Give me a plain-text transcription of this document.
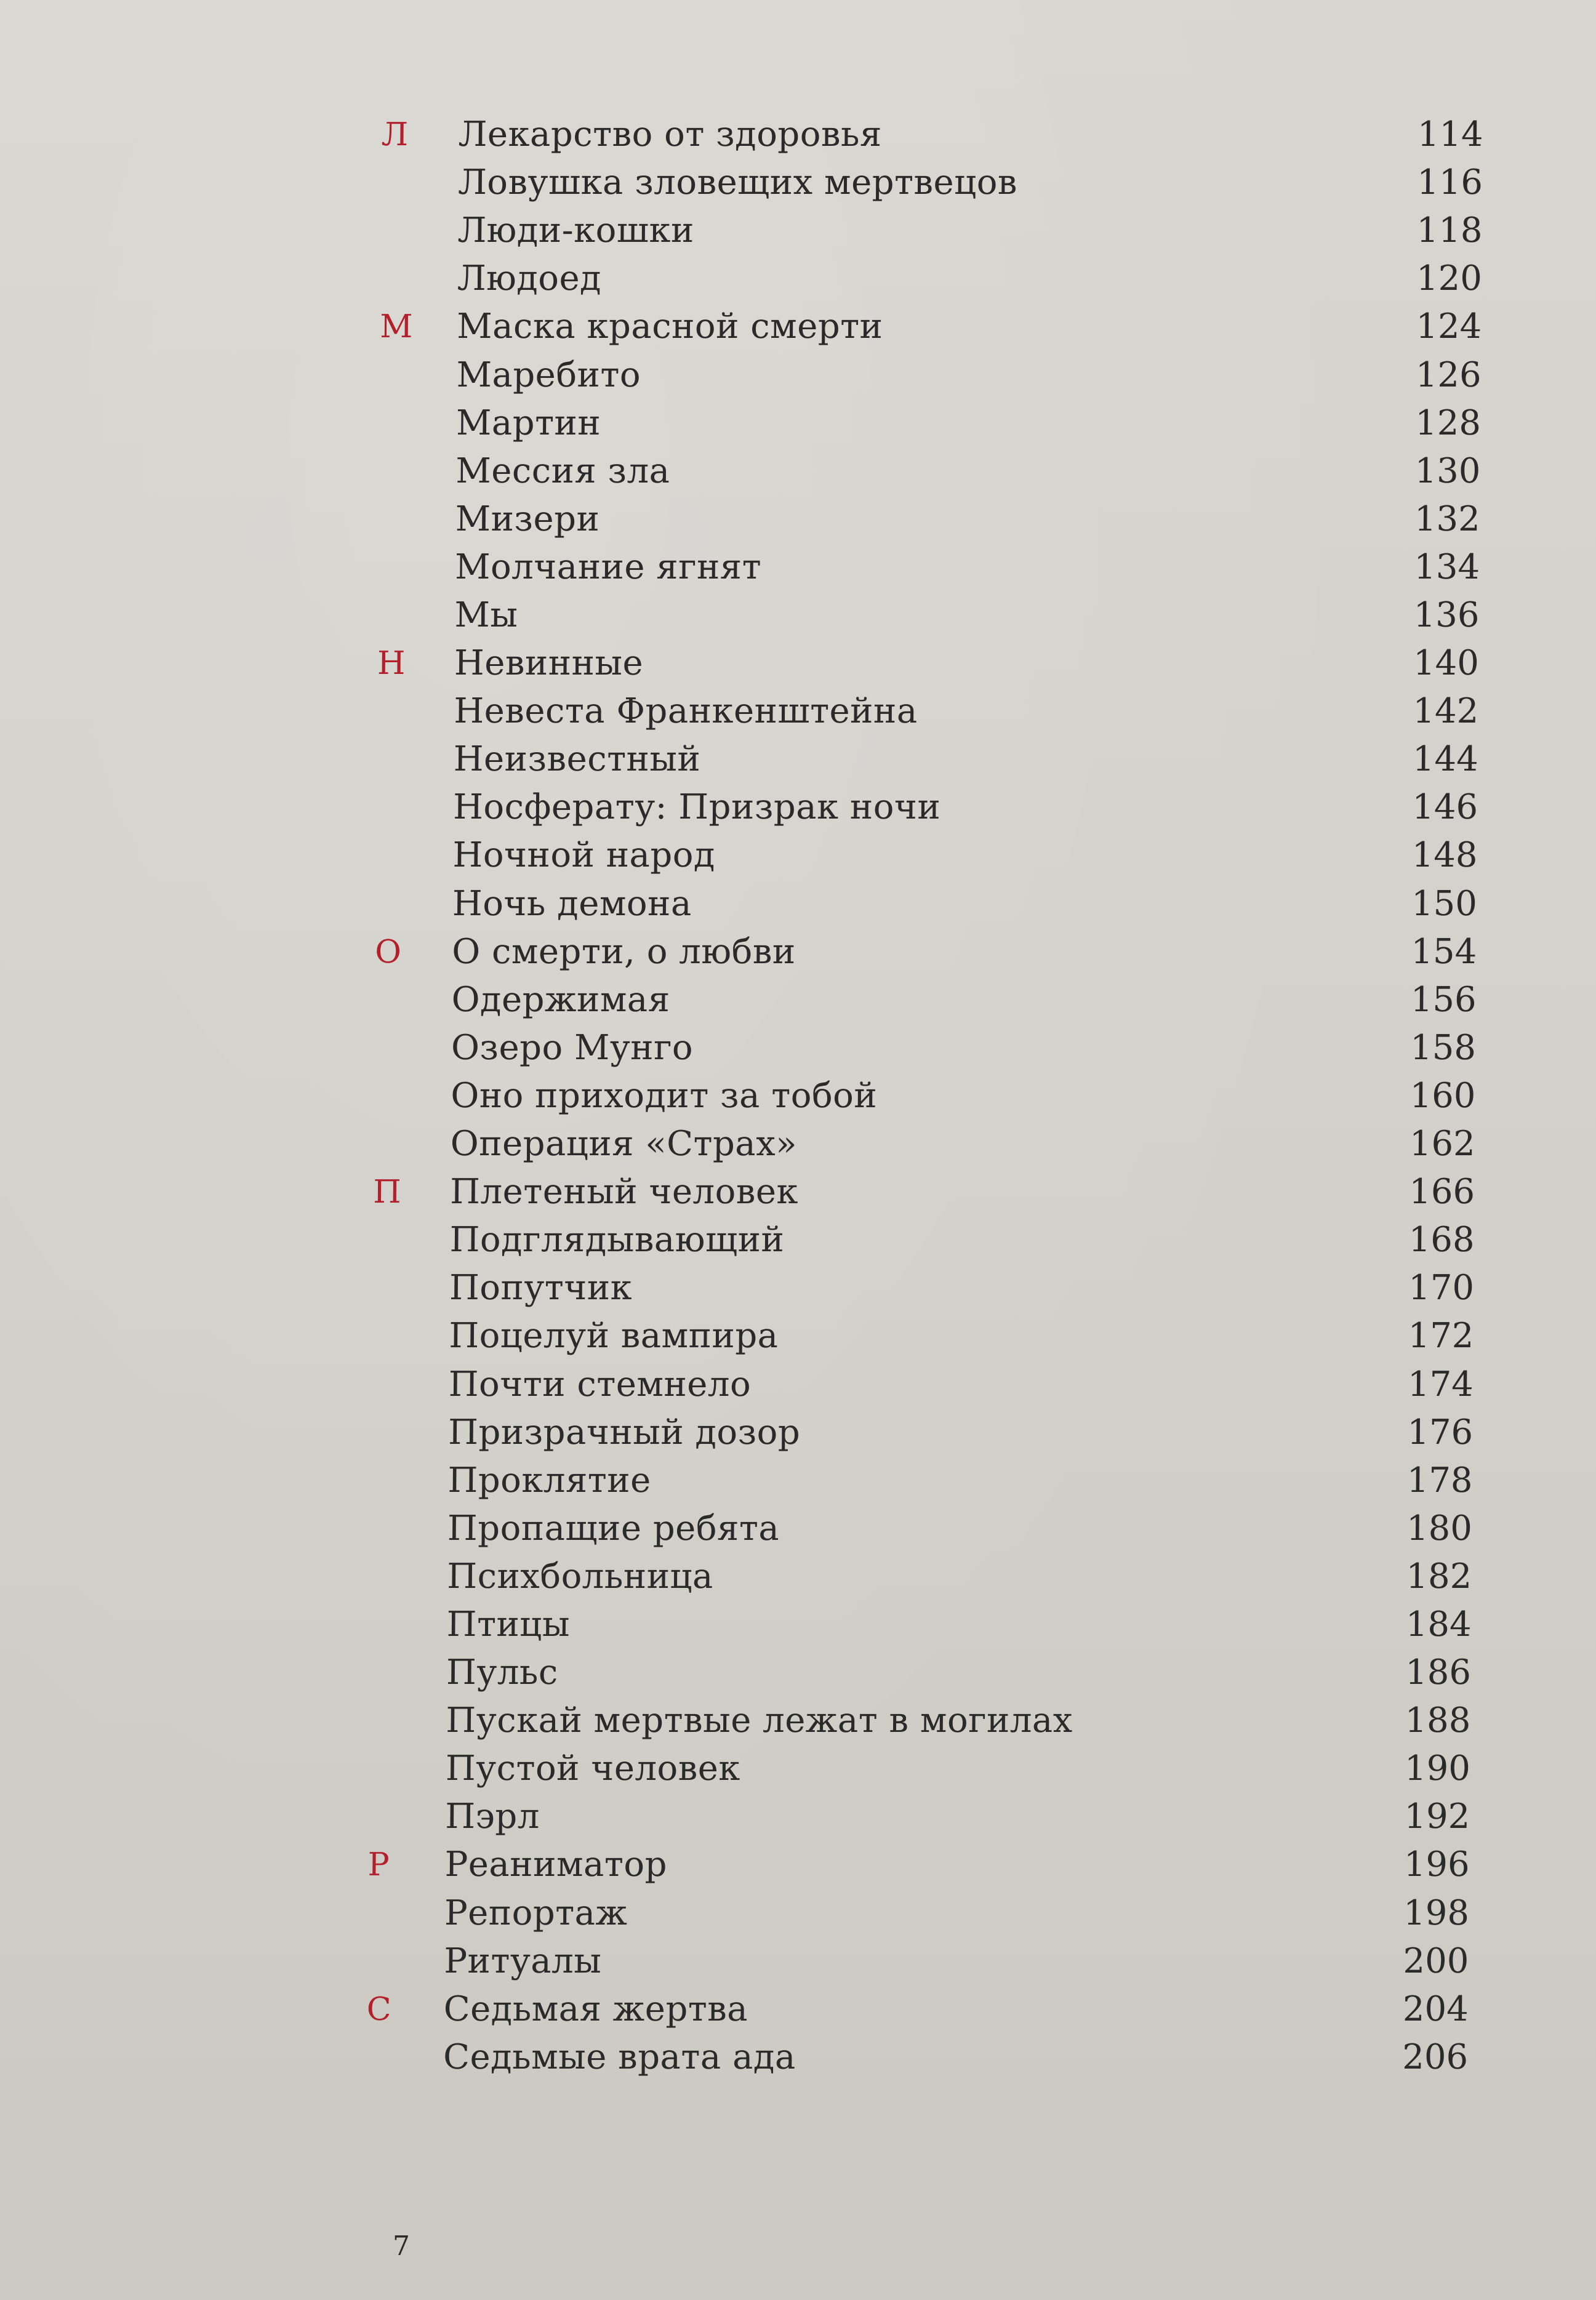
Л	Лекарство от здоровья	114
Ловушка зловещих мертвецов	116
Люди-кошки	118
Людоед	120
М	Маска красной смерти	124
Маребито	126
Мартин	128
Мессия зла	130
Мизери	132
Молчание ягнят	134
Мы	136
Н	Невинные	140
Невеста Франкенштейна	142
Неизвестный	144
Носферату: Призрак ночи	146
Ночной народ	148
Ночь демона	150
О	О смерти, о любви	154
Одержимая	156
Озеро Мунго	158
Оно приходит за тобой	160
Операция «Страх»	162
П	Плетеный человек	166
Подглядывающий	168
Попутчик	170
Поцелуй вампира	172
Почти стемнело	174
Призрачный дозор	176
Проклятие	178
Пропащие ребята	180
Психбольница	182
Птицы	184
Пульс	186
Пускай мертвые лежат в могилах	188
Пустой человек	190
Пэрл	192
Р	Реаниматор	196
Репортаж	198
Ритуалы	200
С	Седьмая жертва	204
Седьмые врата ада	206
7
